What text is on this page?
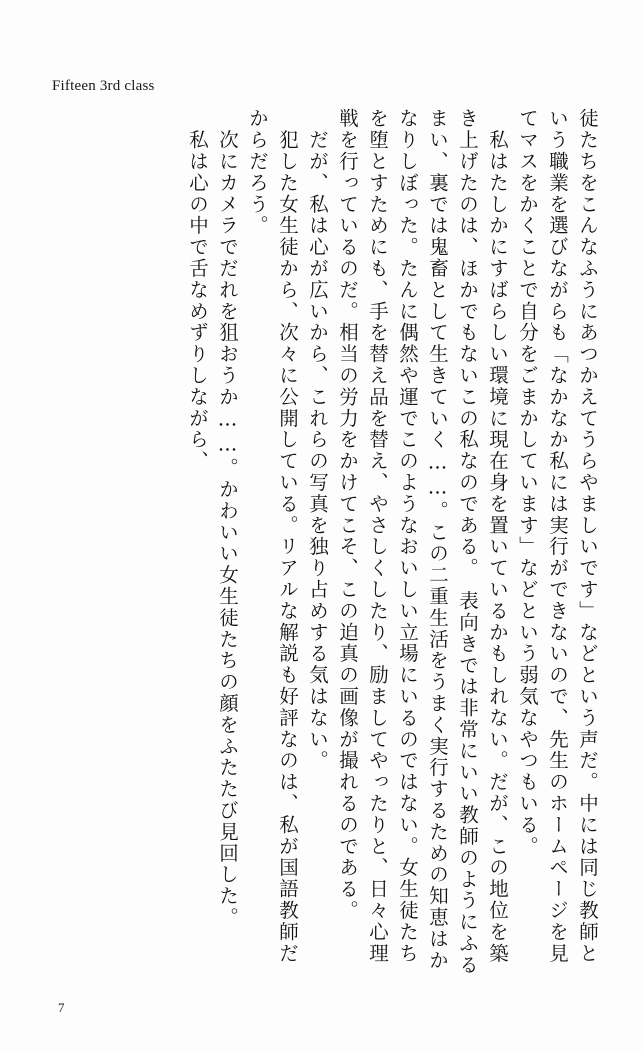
Fifteen 3rd class
徒たちをこんなふうにあつかえてうらやましいです」などという声だ。中には同じ教師と
いう職業を選びながらも「なかなか私には実行ができないので、先生のホームページを見
てマスをかくことで自分をごまかしています」などという弱気なやつもいる。
　私はたしかにすばらしい環境に現在身を置いているかもしれない。だが、この地位を築
き上げたのは、ほかでもないこの私なのである。　表向きでは非常にいい教師のようにふる
まい、裏では鬼畜として生きていく……。この二重生活をうまく実行するための知恵はか
なりしぼった。たんに偶然や運でこのようなおいしい立場にいるのではない。女生徒たち
を堕とすためにも、手を替え品を替え、やさしくしたり、励ましてやったりと、日々心理
戦を行っているのだ。相当の労力をかけてこそ、この迫真の画像が撮れるのである。
　だが、私は心が広いから、これらの写真を独り占めする気はない。
　犯した女生徒から、次々に公開している。リアルな解説も好評なのは、私が国語教師だ
からだろう。
　次にカメラでだれを狙おうか……。かわいい女生徒たちの顔をふたたび見回した。
　私は心の中で舌なめずりしながら、
7
